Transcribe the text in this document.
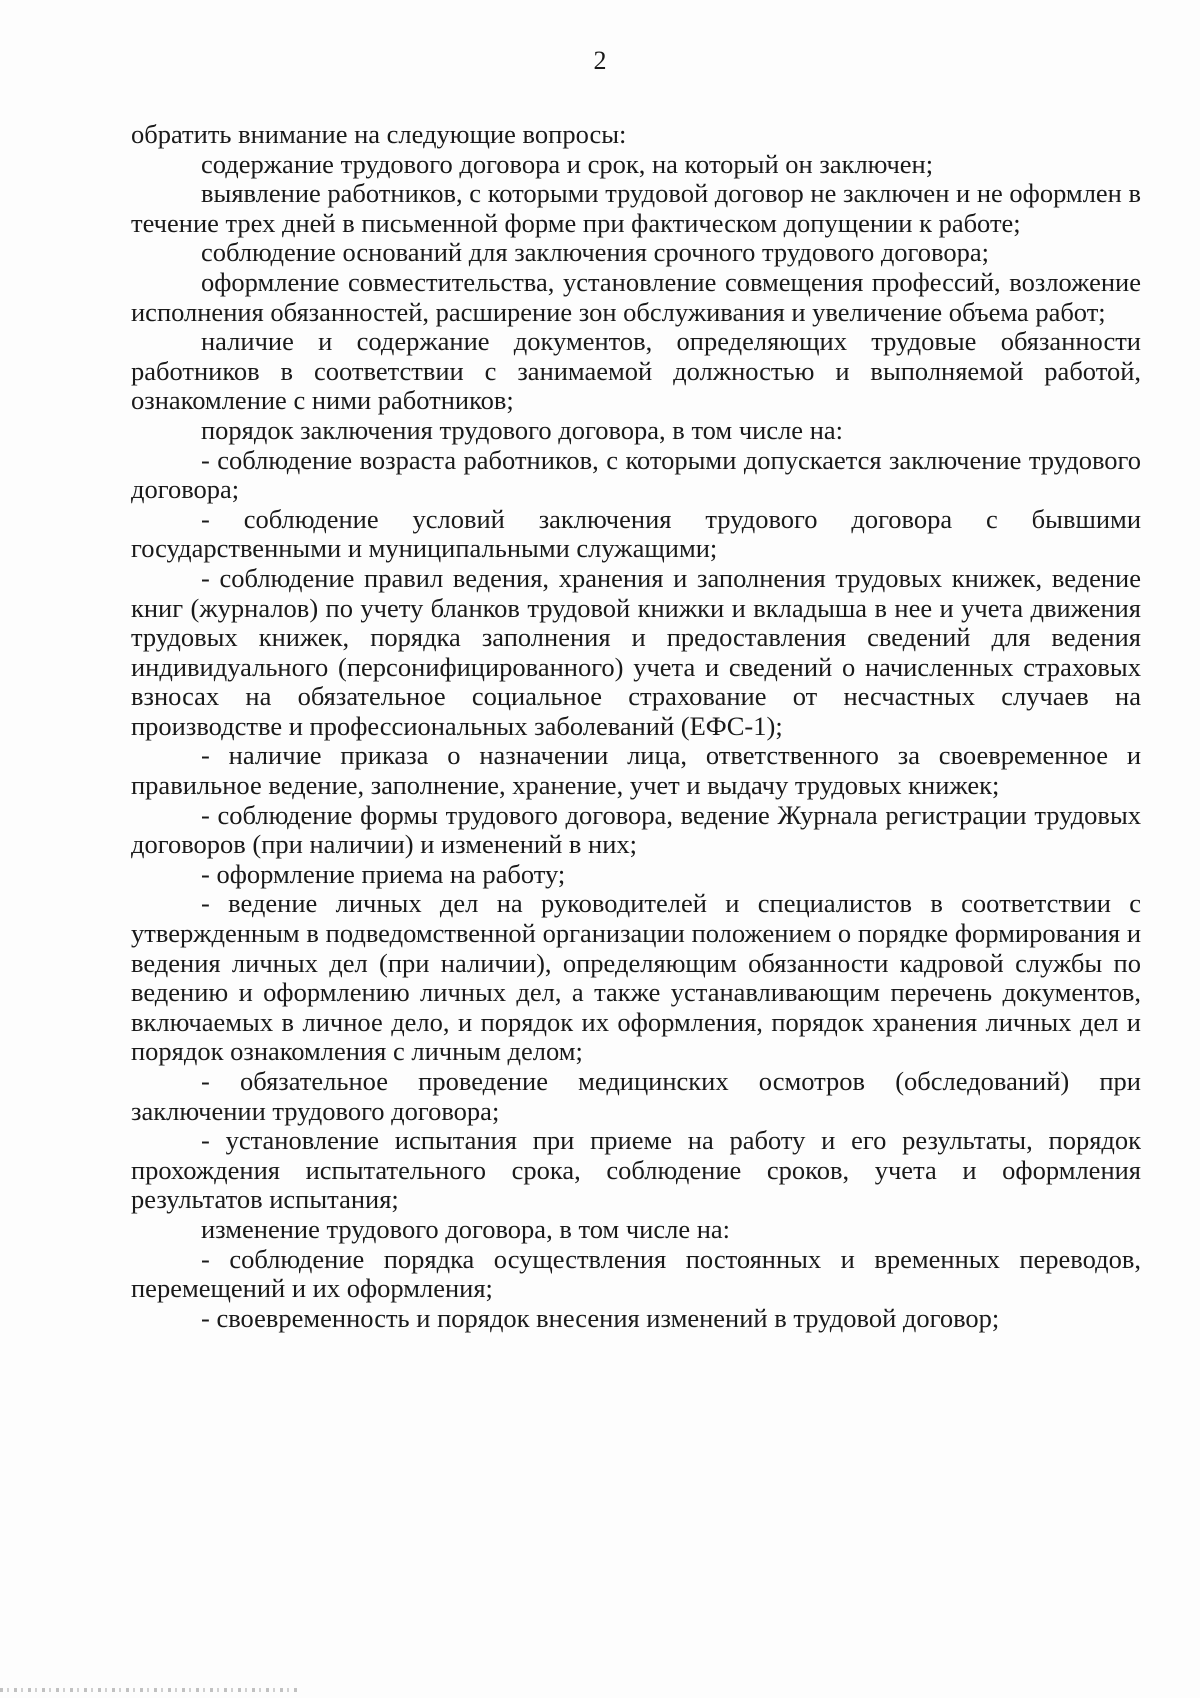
2

обратить внимание на следующие вопросы:

содержание трудового договора и срок, на который он заключен;

выявление работников, с которыми трудовой договор не заключен и не оформлен в течение трех дней в письменной форме при фактическом допущении к работе;

соблюдение оснований для заключения срочного трудового договора;

оформление совместительства, установление совмещения профессий, возложение исполнения обязанностей, расширение зон обслуживания и увеличение объема работ;

наличие и содержание документов, определяющих трудовые обязанности работников в соответствии с занимаемой должностью и выполняемой работой, ознакомление с ними работников;

порядок заключения трудового договора, в том числе на:

- соблюдение возраста работников, с которыми допускается заключение трудового договора;

- соблюдение условий заключения трудового договора с бывшими государственными и муниципальными служащими;

- соблюдение правил ведения, хранения и заполнения трудовых книжек, ведение книг (журналов) по учету бланков трудовой книжки и вкладыша в нее и учета движения трудовых книжек, порядка заполнения и предоставления сведений для ведения индивидуального (персонифицированного) учета и сведений о начисленных страховых взносах на обязательное социальное страхование от несчастных случаев на производстве и профессиональных заболеваний (ЕФС-1);

- наличие приказа о назначении лица, ответственного за своевременное и правильное ведение, заполнение, хранение, учет и выдачу трудовых книжек;

- соблюдение формы трудового договора, ведение Журнала регистрации трудовых договоров (при наличии) и изменений в них;

- оформление приема на работу;

- ведение личных дел на руководителей и специалистов в соответствии с утвержденным в подведомственной организации положением о порядке формирования и ведения личных дел (при наличии), определяющим обязанности кадровой службы по ведению и оформлению личных дел, а также устанавливающим перечень документов, включаемых в личное дело, и порядок их оформления, порядок хранения личных дел и порядок ознакомления с личным делом;

- обязательное проведение медицинских осмотров (обследований) при заключении трудового договора;

- установление испытания при приеме на работу и его результаты, порядок прохождения испытательного срока, соблюдение сроков, учета и оформления результатов испытания;

изменение трудового договора, в том числе на:

- соблюдение порядка осуществления постоянных и временных переводов, перемещений и их оформления;

- своевременность и порядок внесения изменений в трудовой договор;
